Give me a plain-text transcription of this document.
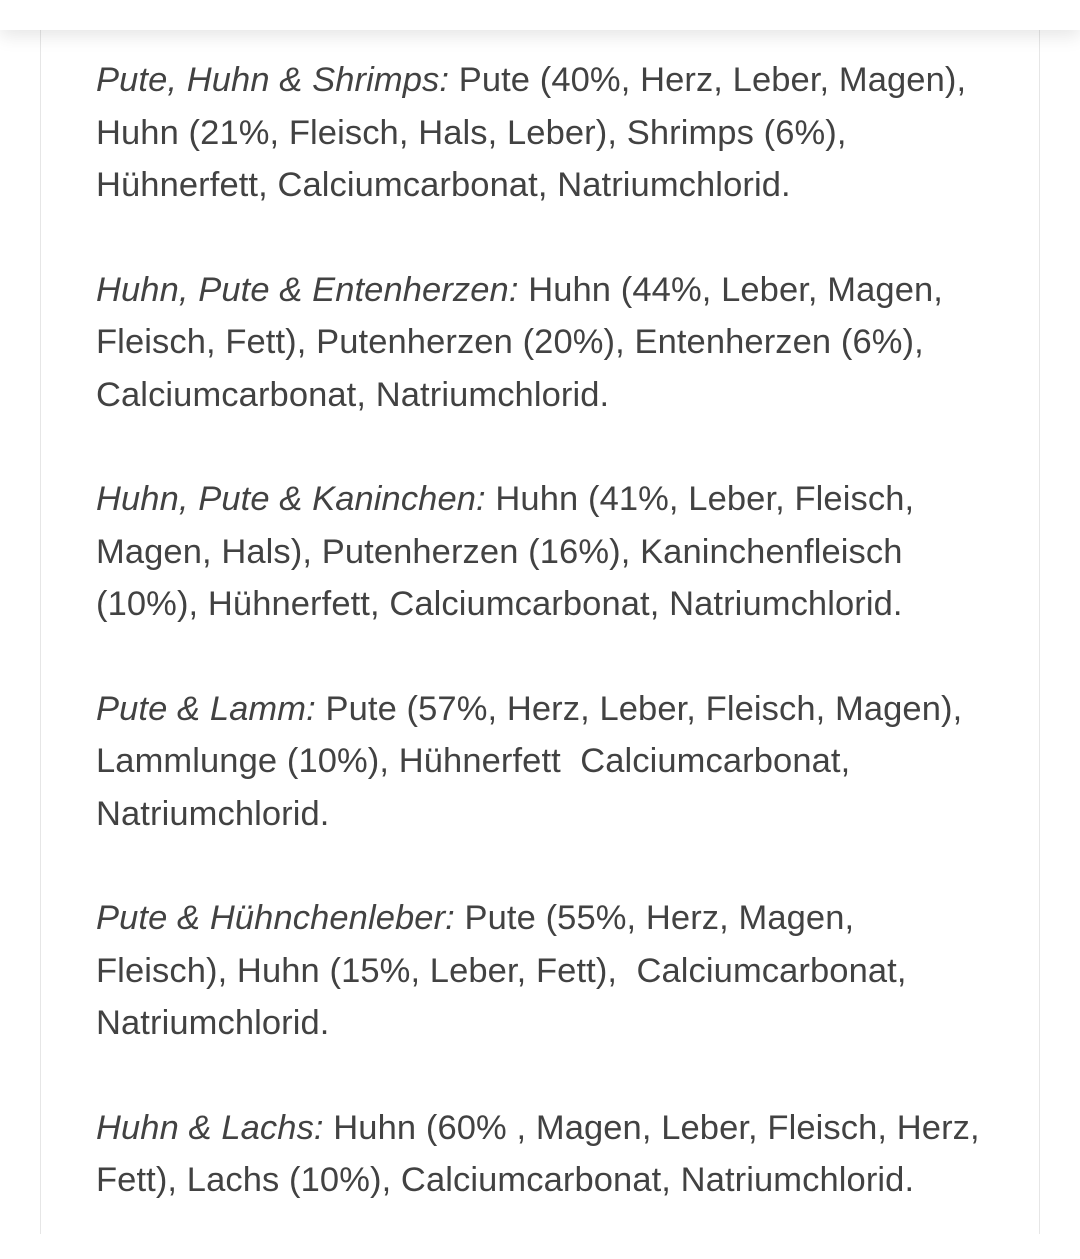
Pute, Huhn & Shrimps: Pute (40%, Herz, Leber, Magen),
Huhn (21%, Fleisch, Hals, Leber), Shrimps (6%),
Hühnerfett, Calciumcarbonat, Natriumchlorid.

Huhn, Pute & Entenherzen: Huhn (44%, Leber, Magen,
Fleisch, Fett), Putenherzen (20%), Entenherzen (6%),
Calciumcarbonat, Natriumchlorid.

Huhn, Pute & Kaninchen: Huhn (41%, Leber, Fleisch,
Magen, Hals), Putenherzen (16%), Kaninchenfleisch
(10%), Hühnerfett, Calciumcarbonat, Natriumchlorid.

Pute & Lamm: Pute (57%, Herz, Leber, Fleisch, Magen),
Lammlunge (10%), Hühnerfett  Calciumcarbonat,
Natriumchlorid.

Pute & Hühnchenleber: Pute (55%, Herz, Magen,
Fleisch), Huhn (15%, Leber, Fett),  Calciumcarbonat,
Natriumchlorid.

Huhn & Lachs: Huhn (60% , Magen, Leber, Fleisch, Herz,
Fett), Lachs (10%), Calciumcarbonat, Natriumchlorid.
